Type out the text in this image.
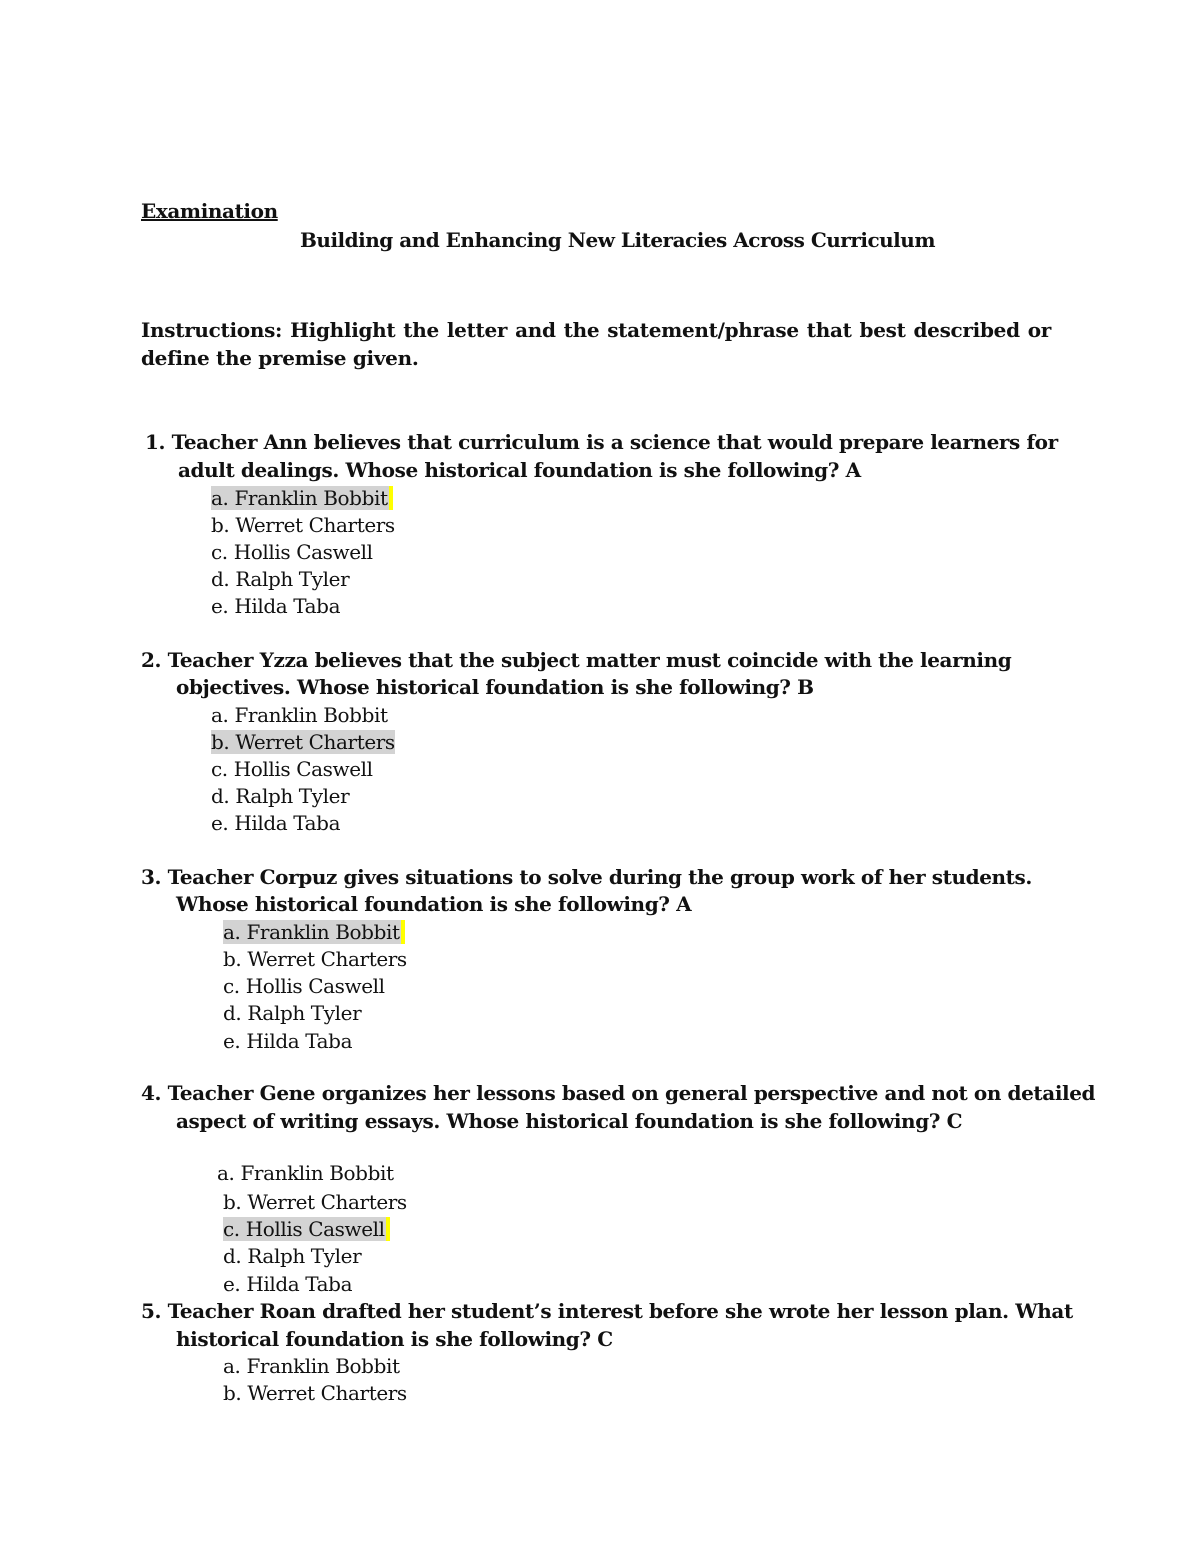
Examination

Building and Enhancing New Literacies Across Curriculum

Instructions: Highlight the letter and the statement/phrase that best described or define the premise given.

1. Teacher Ann believes that curriculum is a science that would prepare learners for

adult dealings. Whose historical foundation is she following? A

a. Franklin Bobbit

b. Werret Charters

c. Hollis Caswell

d. Ralph Tyler

e. Hilda Taba

2. Teacher Yzza believes that the subject matter must coincide with the learning

objectives. Whose historical foundation is she following? B

a. Franklin Bobbit

b. Werret Charters

c. Hollis Caswell

d. Ralph Tyler

e. Hilda Taba

3. Teacher Corpuz gives situations to solve during the group work of her students.

Whose historical foundation is she following? A

a. Franklin Bobbit

b. Werret Charters

c. Hollis Caswell

d. Ralph Tyler

e. Hilda Taba

4. Teacher Gene organizes her lessons based on general perspective and not on detailed

aspect of writing essays. Whose historical foundation is she following? C

a. Franklin Bobbit

b. Werret Charters

c. Hollis Caswell

d. Ralph Tyler

e. Hilda Taba

5. Teacher Roan drafted her student’s interest before she wrote her lesson plan. What

historical foundation is she following? C

a. Franklin Bobbit

b. Werret Charters
